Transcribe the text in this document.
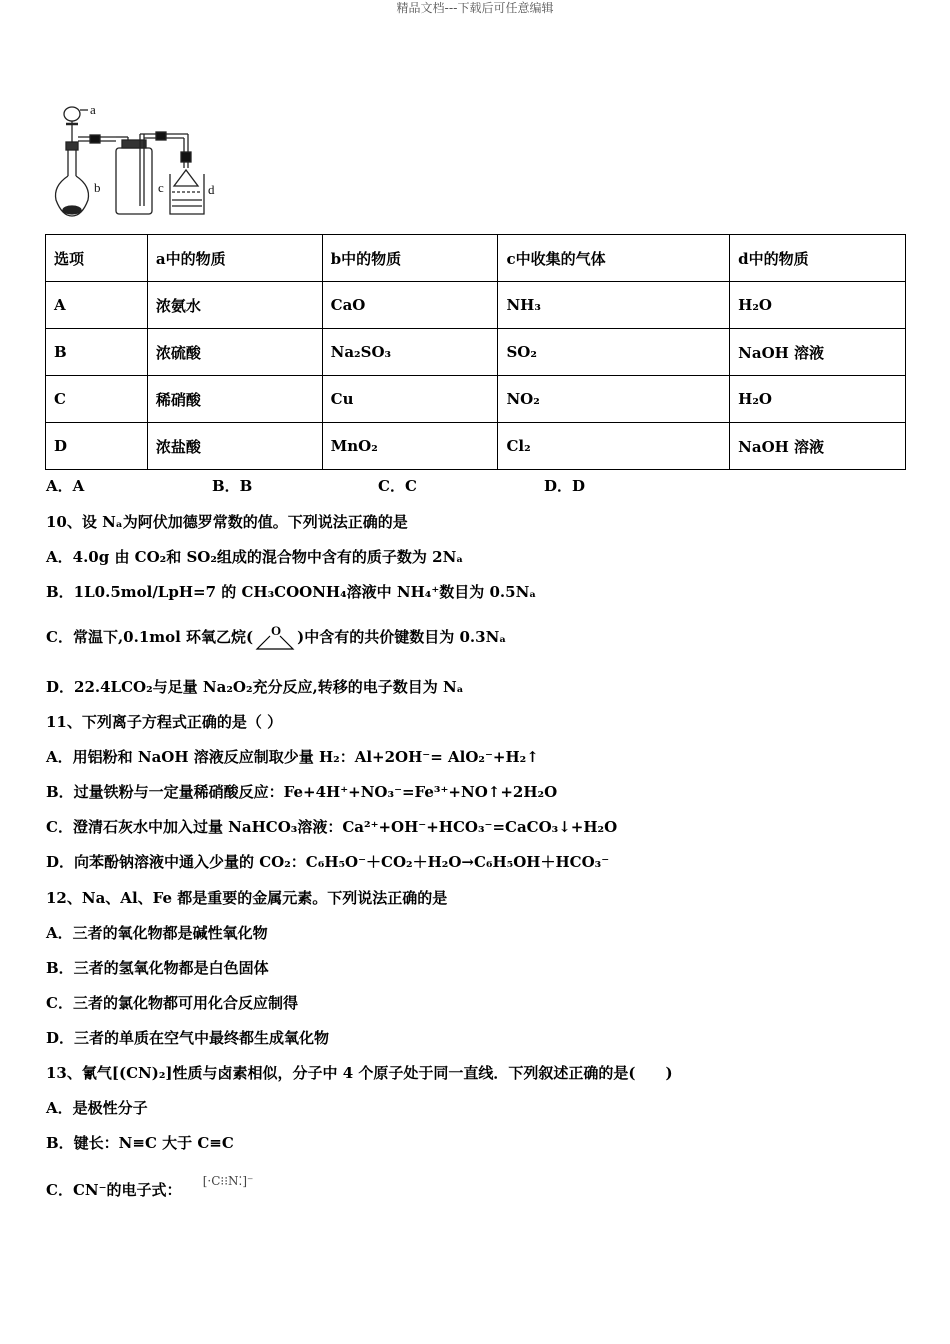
精品文档---下载后可任意编辑
a
b	c	d
选项	a中的物质	b中的物质	c中收集的气体	d中的物质
A	浓氨水	CaO	NH₃	H₂O
B	浓硫酸	Na₂SO₃	SO₂	NaOH 溶液
C	稀硝酸	Cu	NO₂	H₂O
D	浓盐酸	MnO₂	Cl₂	NaOH 溶液
A．A	B．B	C．C	D．D
10、设 Nₐ为阿伏加德罗常数的值。下列说法正确的是
A．4.0g 由 CO₂和 SO₂组成的混合物中含有的质子数为 2Nₐ
B．1L0.5mol/LpH=7 的 CH₃COONH₄溶液中 NH₄⁺数目为 0.5Nₐ
C．常温下,0.1mol 环氧乙烷( O )中含有的共价键数目为 0.3Nₐ
D．22.4LCO₂与足量 Na₂O₂充分反应,转移的电子数目为 Nₐ
11、下列离子方程式正确的是（ ）
A．用铝粉和 NaOH 溶液反应制取少量 H₂：Al+2OH⁻= AlO₂⁻+H₂↑
B．过量铁粉与一定量稀硝酸反应：Fe+4H⁺+NO₃⁻=Fe³⁺+NO↑+2H₂O
C．澄清石灰水中加入过量 NaHCO₃溶液：Ca²⁺+OH⁻+HCO₃⁻=CaCO₃↓+H₂O
D．向苯酚钠溶液中通入少量的 CO₂：C₆H₅O⁻＋CO₂＋H₂O→C₆H₅OH＋HCO₃⁻
12、Na、Al、Fe 都是重要的金属元素。下列说法正确的是
A．三者的氧化物都是碱性氧化物
B．三者的氢氧化物都是白色固体
C．三者的氯化物都可用化合反应制得
D．三者的单质在空气中最终都生成氧化物
13、氰气[(CN)₂]性质与卤素相似，分子中 4 个原子处于同一直线．下列叙述正确的是(　　)
A．是极性分子
B．键长：N≡C 大于 C≡C
C．CN⁻的电子式： [·C⁝⁝N⁚]⁻
